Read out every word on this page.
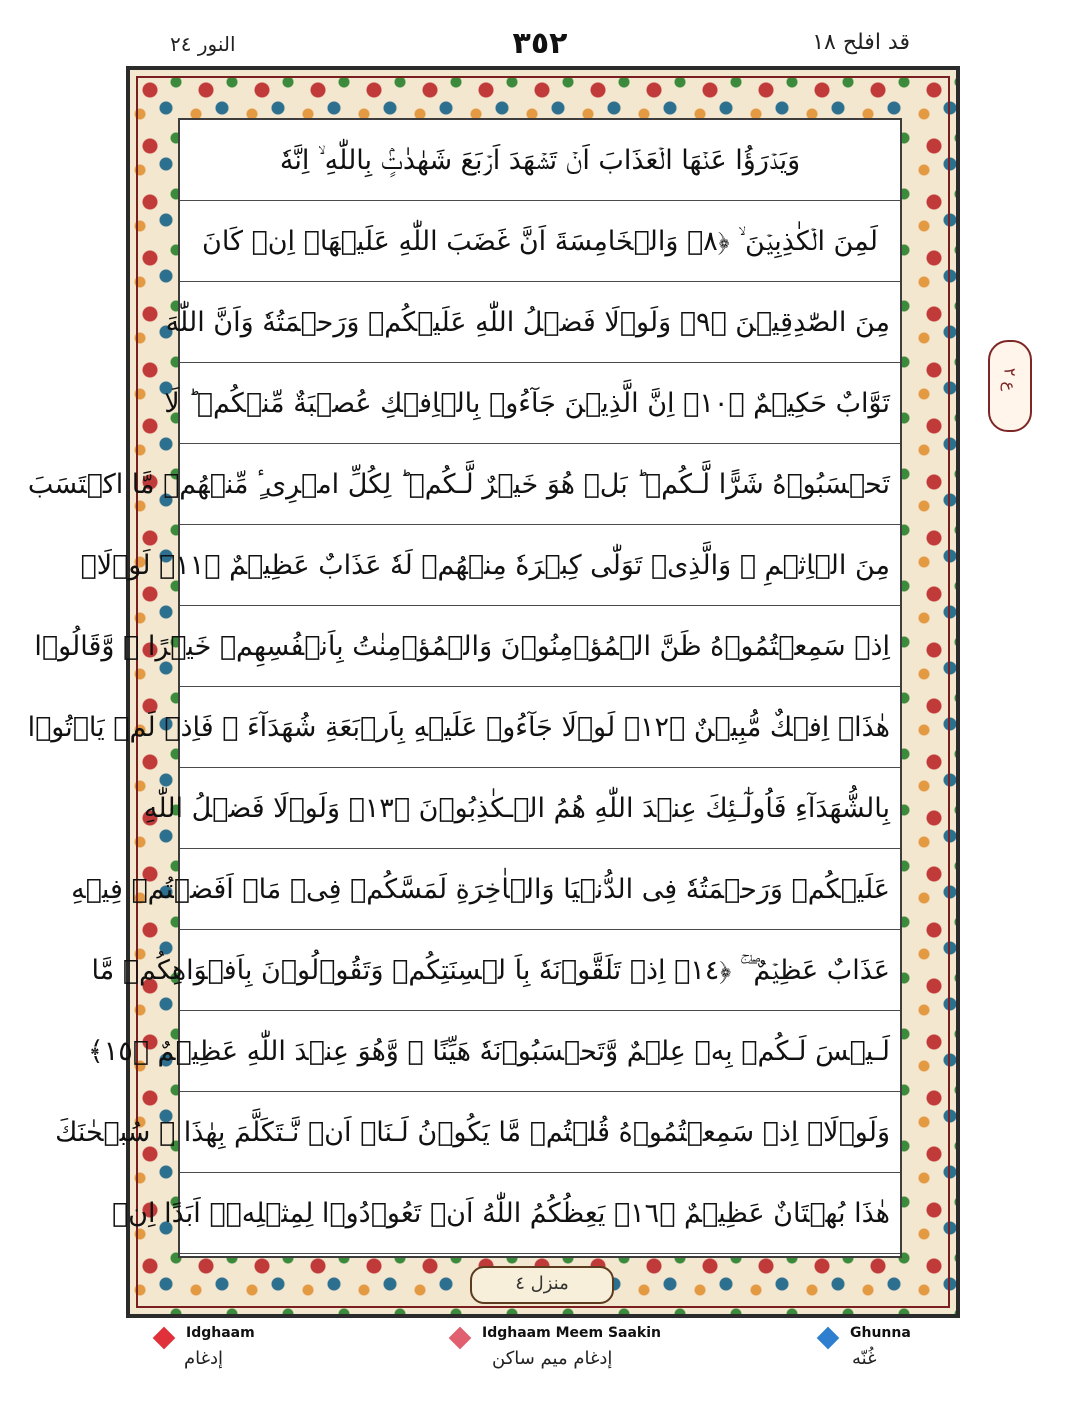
النور ٢٤	٣٥٢	قد افلح ١٨
ع ٢
وَيَدۡرَؤُا عَنۡهَا الۡعَذَابَ اَنۡ تَشۡهَدَ اَرۡبَعَ شَهٰدٰتٍۢ بِاللّٰهِ ۙ اِنَّهٗ
لَمِنَ الۡكٰذِبِيۡنَ ۙ‏ ﴿٨﴾ وَالۡخَامِسَةَ اَنَّ غَضَبَ اللّٰهِ عَلَيۡهَاۤ اِنۡ كَانَ
مِنَ الصّٰدِقِيۡنَ‏ ﴿٩﴾ وَلَوۡلَا فَضۡلُ اللّٰهِ عَلَيۡكُمۡ وَرَحۡمَتُهٗ وَاَنَّ اللّٰهَ
تَوَّابٌ حَكِيۡمٌ‏ ﴿١٠﴾ اِنَّ الَّذِيۡنَ جَآءُوۡ بِالۡاِفۡكِ عُصۡبَةٌ مِّنۡكُمۡ‌ ؕ لَا
تَحۡسَبُوۡهُ شَرًّا لَّـكُمۡ‌ ؕ بَلۡ هُوَ خَيۡرٌ لَّـكُمۡ‌ ؕ لِكُلِّ امۡرِىٴٍ مِّنۡهُمۡ مَّا اكۡتَسَبَ
مِنَ الۡاِثۡمِ‌ ۚ وَالَّذِىۡ تَوَلّٰى كِبۡرَهٗ مِنۡهُمۡ لَهٗ عَذَابٌ عَظِيۡمٌ‏ ﴿١١﴾ لَوۡلَاۤ
اِذۡ سَمِعۡتُمُوۡهُ ظَنَّ الۡمُؤۡمِنُوۡنَ وَالۡمُؤۡمِنٰتُ بِاَنۡفُسِهِمۡ خَيۡرًا ۙ وَّقَالُوۡا
هٰذَاۤ اِفۡكٌ مُّبِيۡنٌ‏ ﴿١٢﴾ لَوۡلَا جَآءُوۡ عَلَيۡهِ بِاَرۡبَعَةِ شُهَدَآءَ‌ ۚ فَاِذۡ لَمۡ يَاۡتُوۡا
بِالشُّهَدَآءِ فَاُولٰٓـئِكَ عِنۡدَ اللّٰهِ هُمُ الۡـكٰذِبُوۡنَ‏ ﴿١٣﴾ وَلَوۡلَا فَضۡلُ اللّٰهِ
عَلَيۡكُمۡ وَرَحۡمَتُهٗ فِى الدُّنۡيَا وَالۡاٰخِرَةِ لَمَسَّكُمۡ فِىۡ مَاۤ اَفَضۡتُمۡ فِيۡهِ
عَذَابٌ عَظِيۡمٌ ۖ‌ ۚ ﴿١٤﴾ اِذۡ تَلَقَّوۡنَهٗ بِاَ لۡسِنَتِكُمۡ وَتَقُوۡلُوۡنَ بِاَفۡوَاهِكُمۡ مَّا
لَـيۡسَ لَـكُمۡ بِهٖ عِلۡمٌ وَّتَحۡسَبُوۡنَهٗ هَيِّنًا ‌ۖ وَّهُوَ عِنۡدَ اللّٰهِ عَظِيۡمٌ‏ ﴿١٥﴾
وَلَوۡلَاۤ اِذۡ سَمِعۡتُمُوۡهُ قُلۡتُمۡ مَّا يَكُوۡنُ لَـنَاۤ اَنۡ نَّـتَكَلَّمَ بِهٰذَا ‌ۖ سُبۡحٰنَكَ
هٰذَا بُهۡتَانٌ عَظِيۡمٌ‏ ﴿١٦﴾ يَعِظُكُمُ اللّٰهُ اَنۡ تَعُوۡدُوۡا لِمِثۡلِهٖۤ اَبَدًا اِنۡ
منزل ٤
Idghaam
إدغام
Idghaam Meem Saakin
إدغام ميم ساكن
Ghunna
غُنّه
